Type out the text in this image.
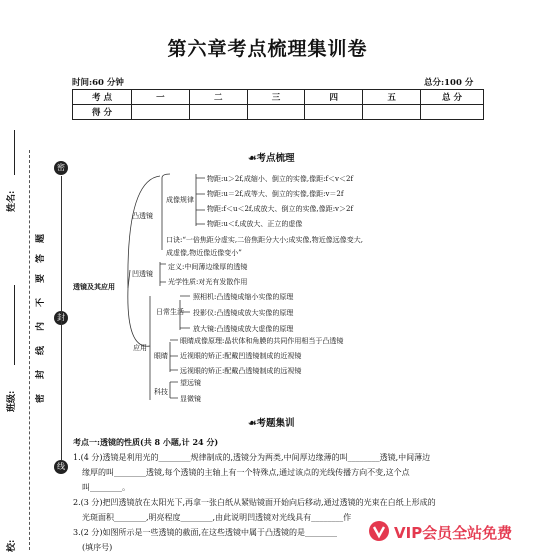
第六章考点梳理集训卷
时间:60 分钟	总分:100 分
考 点	一	二	三	四	五	总 分
得 分						
姓名:
班级:
校:
密
封
线
密
封
线
内
不
要
答
题
☙考点梳理
透镜及其应用
凸透镜
成像规律
物距:u＞2f,成缩小、倒立的实像,像距:f＜v＜2f
物距:u＝2f,成等大、倒立的实像,像距:v＝2f
物距:f＜u＜2f,成放大、倒立的实像,像距:v＞2f
物距:u＜f,成放大、正立的虚像
口诀:“一倍焦距分虚实,二倍焦距分大小;成实像,物近像远像变大,
成虚像,物近像近像变小”
凹透镜
定义:中间薄边缘厚的透镜
光学性质:对光有发散作用
日常生活
应用
照相机:凸透镜成缩小实像的原理
投影仪:凸透镜成放大实像的原理
放大镜:凸透镜成放大虚像的原理
眼睛
眼睛成像原理:晶状体和角膜的共同作用相当于凸透镜
近视眼的矫正:配戴凹透镜制成的近视镜
远视眼的矫正:配戴凸透镜制成的远视镜
科技
望远镜
显微镜
☙考题集训
考点一:透镜的性质(共 8 小题,计 24 分)
1.(4 分)透镜是利用光的________规律制成的,透镜分为两类,中间厚边缘薄的叫________透镜,中间薄边
缘厚的叫________透镜,每个透镜的主轴上有一个特殊点,通过该点的光线传播方向不变,这个点
叫________。
2.(3 分)把凹透镜放在太阳光下,再拿一张白纸从紧贴镜面开始向后移动,通过透镜的光束在白纸上形成的
光斑面积________,明亮程度________,由此说明凹透镜对光线具有________作
3.(2 分)如图所示是一些透镜的截面,在这些透镜中属于凸透镜的是________
(填序号)
VIP会员全站免费
